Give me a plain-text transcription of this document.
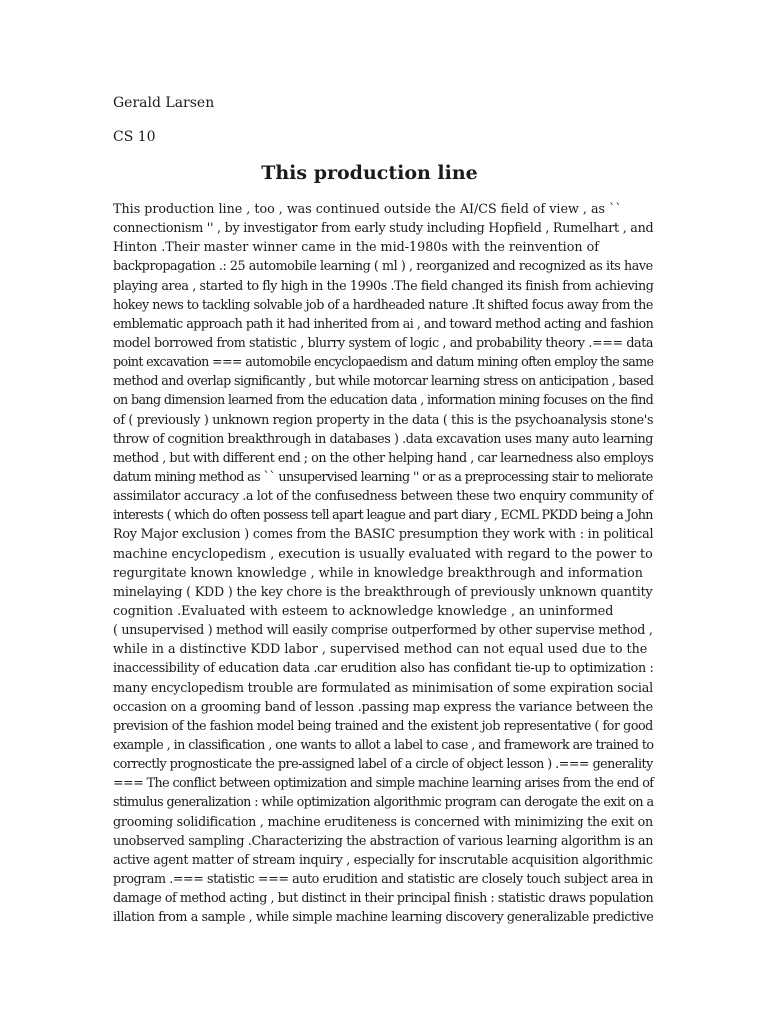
Gerald Larsen
CS 10
This production line
This production line , too , was continued outside the AI/CS field of view , as ``
connectionism '' , by investigator from early study including Hopfield , Rumelhart , and
Hinton .Their master winner came in the mid-1980s with the reinvention of
backpropagation .: 25 automobile learning ( ml ) , reorganized and recognized as its have
playing area , started to fly high in the 1990s .The field changed its finish from achieving
hokey news to tackling solvable job of a hardheaded nature .It shifted focus away from the
emblematic approach path it had inherited from ai , and toward method acting and fashion
model borrowed from statistic , blurry system of logic , and probability theory .=== data
point excavation === automobile encyclopaedism and datum mining often employ the same
method and overlap significantly , but while motorcar learning stress on anticipation , based
on bang dimension learned from the education data , information mining focuses on the find
of ( previously ) unknown region property in the data ( this is the psychoanalysis stone's
throw of cognition breakthrough in databases ) .data excavation uses many auto learning
method , but with different end ; on the other helping hand , car learnedness also employs
datum mining method as `` unsupervised learning '' or as a preprocessing stair to meliorate
assimilator accuracy .a lot of the confusedness between these two enquiry community of
interests ( which do often possess tell apart league and part diary , ECML PKDD being a John
Roy Major exclusion ) comes from the BASIC presumption they work with : in political
machine encyclopedism , execution is usually evaluated with regard to the power to
regurgitate known knowledge , while in knowledge breakthrough and information
minelaying ( KDD ) the key chore is the breakthrough of previously unknown quantity
cognition .Evaluated with esteem to acknowledge knowledge , an uninformed
( unsupervised ) method will easily comprise outperformed by other supervise method ,
while in a distinctive KDD labor , supervised method can not equal used due to the
inaccessibility of education data .car erudition also has confidant tie-up to optimization :
many encyclopedism trouble are formulated as minimisation of some expiration social
occasion on a grooming band of lesson .passing map express the variance between the
prevision of the fashion model being trained and the existent job representative ( for good
example , in classification , one wants to allot a label to case , and framework are trained to
correctly prognosticate the pre-assigned label of a circle of object lesson ) .=== generality
=== The conflict between optimization and simple machine learning arises from the end of
stimulus generalization : while optimization algorithmic program can derogate the exit on a
grooming solidification , machine eruditeness is concerned with minimizing the exit on
unobserved sampling .Characterizing the abstraction of various learning algorithm is an
active agent matter of stream inquiry , especially for inscrutable acquisition algorithmic
program .=== statistic === auto erudition and statistic are closely touch subject area in
damage of method acting , but distinct in their principal finish : statistic draws population
illation from a sample , while simple machine learning discovery generalizable predictive
